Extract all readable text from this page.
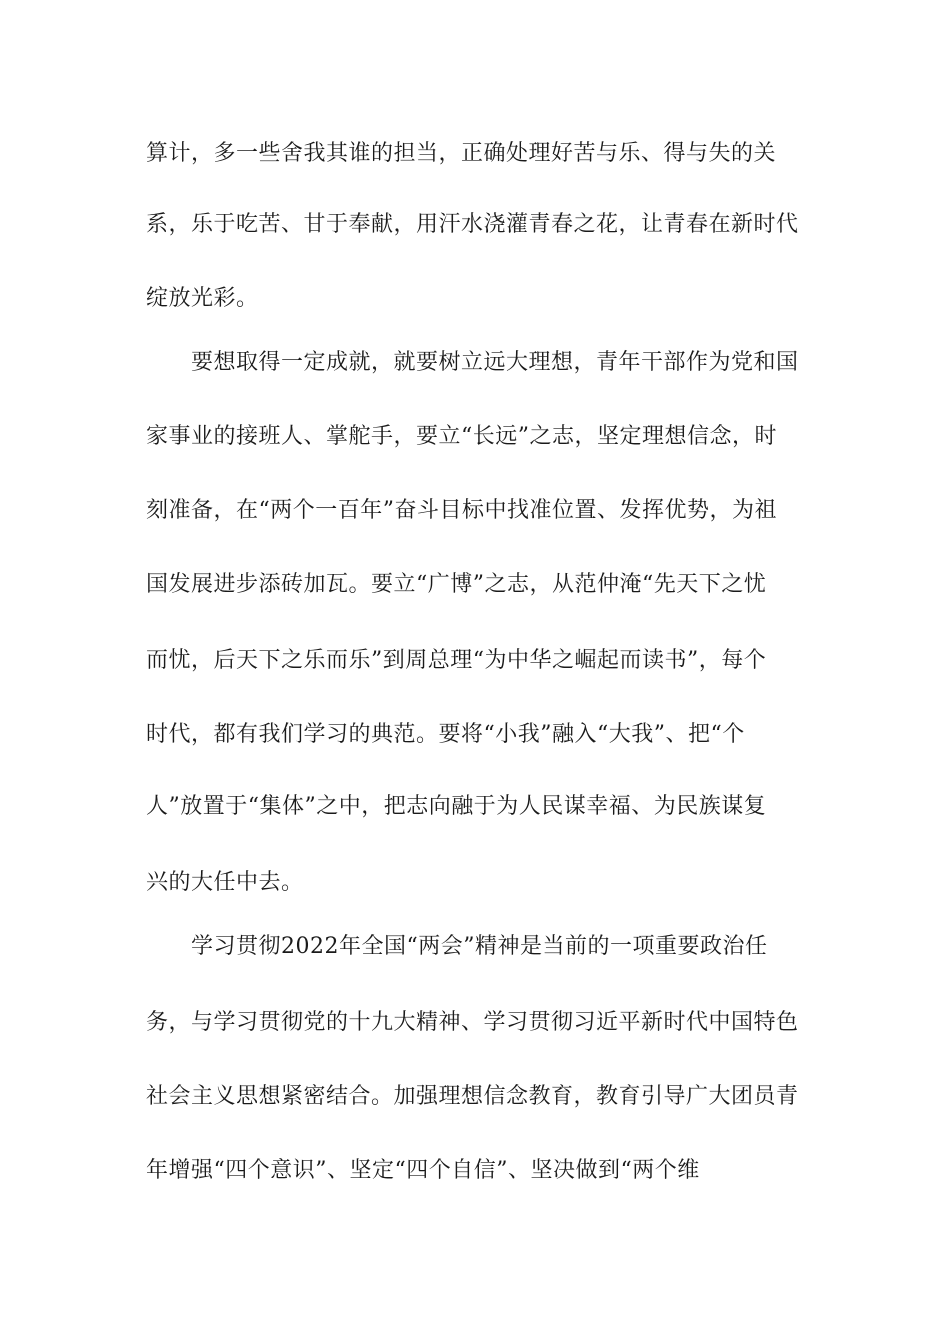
算计，多一些舍我其谁的担当，正确处理好苦与乐、得与失的关
系，乐于吃苦、甘于奉献，用汗水浇灌青春之花，让青春在新时代
绽放光彩。
要想取得一定成就，就要树立远大理想，青年干部作为党和国
家事业的接班人、掌舵手，要立“长远”之志，坚定理想信念，时
刻准备，在“两个一百年”奋斗目标中找准位置、发挥优势，为祖
国发展进步添砖加瓦。要立“广博”之志，从范仲淹“先天下之忧
而忧，后天下之乐而乐”到周总理“为中华之崛起而读书”，每个
时代，都有我们学习的典范。要将“小我”融入“大我”、把“个
人”放置于“集体”之中，把志向融于为人民谋幸福、为民族谋复
兴的大任中去。
学习贯彻2022年全国“两会”精神是当前的一项重要政治任
务，与学习贯彻党的十九大精神、学习贯彻习近平新时代中国特色
社会主义思想紧密结合。加强理想信念教育，教育引导广大团员青
年增强“四个意识”、坚定“四个自信”、坚决做到“两个维
